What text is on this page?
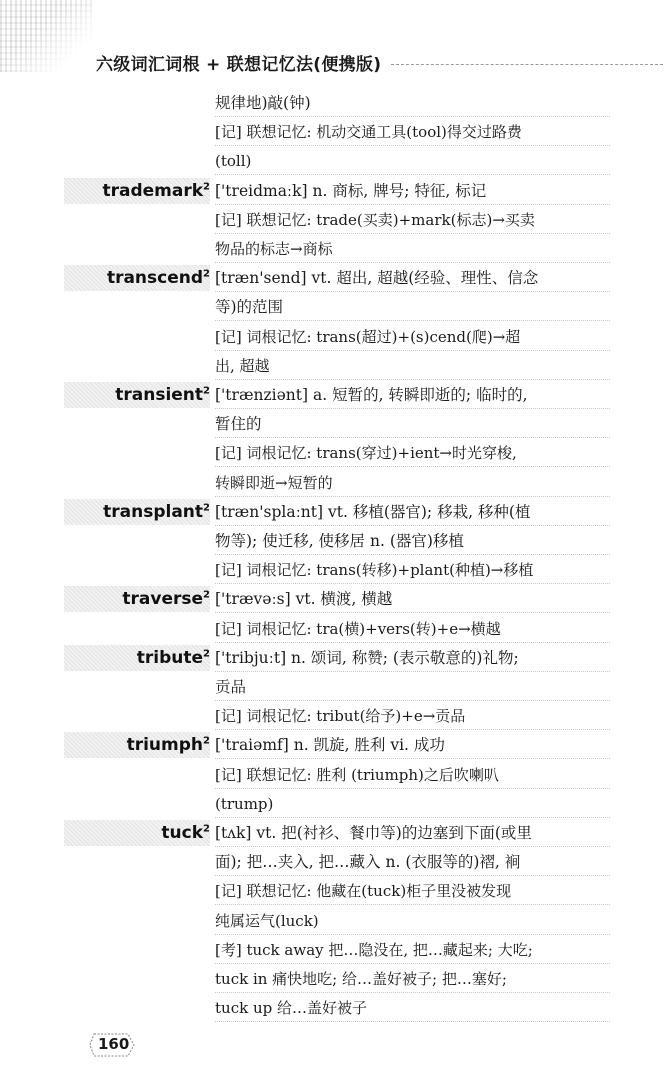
六级词汇词根 + 联想记忆法(便携版)
规律地)敲(钟)
[记] 联想记忆: 机动交通工具(tool)得交过路费
(toll)
trademark$^2$ ['treidmaːk] n. 商标, 牌号; 特征, 标记
[记] 联想记忆: trade(买卖)+mark(标志)→买卖
物品的标志→商标
transcend$^2$ [træn'send] vt. 超出, 超越(经验、理性、信念
等)的范围
[记] 词根记忆: trans(超过)+(s)cend(爬)→超
出, 超越
transient$^2$ ['trænziənt] a. 短暂的, 转瞬即逝的; 临时的,
暂住的
[记] 词根记忆: trans(穿过)+ient→时光穿梭,
转瞬即逝→短暂的
transplant$^2$ [træn'splaːnt] vt. 移植(器官); 移栽, 移种(植
物等); 使迁移, 使移居 n. (器官)移植
[记] 词根记忆: trans(转移)+plant(种植)→移植
traverse$^2$ ['trævəːs] vt. 横渡, 横越
[记] 词根记忆: tra(横)+vers(转)+e→横越
tribute$^2$ ['tribjuːt] n. 颂词, 称赞; (表示敬意的)礼物;
贡品
[记] 词根记忆: tribut(给予)+e→贡品
triumph$^2$ ['traiəmf] n. 凯旋, 胜利 vi. 成功
[记] 联想记忆: 胜利 (triumph)之后吹喇叭
(trump)
tuck$^2$ [tʌk] vt. 把(衬衫、餐巾等)的边塞到下面(或里
面); 把…夹入, 把…藏入 n. (衣服等的)褶, 裥
[记] 联想记忆: 他藏在(tuck)柜子里没被发现
纯属运气(luck)
[考] tuck away 把…隐没在, 把…藏起来; 大吃;
tuck in 痛快地吃; 给…盖好被子; 把…塞好;
tuck up 给…盖好被子
160
